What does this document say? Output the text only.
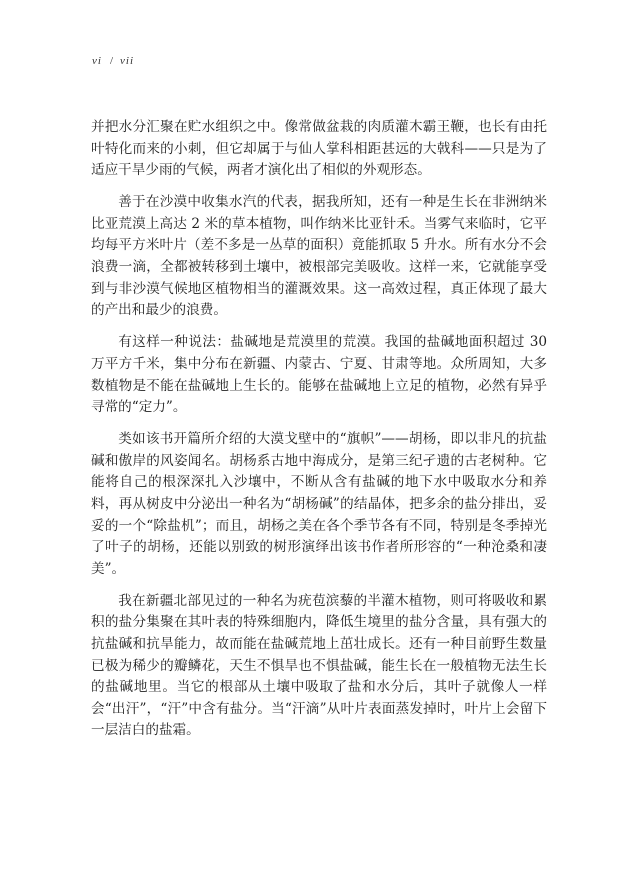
vi / vii

并把水分汇聚在贮水组织之中。像常做盆栽的肉质灌木霸王鞭，也长有由托叶特化而来的小刺，但它却属于与仙人掌科相距甚远的大戟科——只是为了适应干旱少雨的气候，两者才演化出了相似的外观形态。

善于在沙漠中收集水汽的代表，据我所知，还有一种是生长在非洲纳米比亚荒漠上高达 2 米的草本植物，叫作纳米比亚针禾。当雾气来临时，它平均每平方米叶片（差不多是一丛草的面积）竟能抓取 5 升水。所有水分不会浪费一滴，全都被转移到土壤中，被根部完美吸收。这样一来，它就能享受到与非沙漠气候地区植物相当的灌溉效果。这一高效过程，真正体现了最大的产出和最少的浪费。

有这样一种说法：盐碱地是荒漠里的荒漠。我国的盐碱地面积超过 30 万平方千米，集中分布在新疆、内蒙古、宁夏、甘肃等地。众所周知，大多数植物是不能在盐碱地上生长的。能够在盐碱地上立足的植物，必然有异乎寻常的“定力”。

类如该书开篇所介绍的大漠戈壁中的“旗帜”——胡杨，即以非凡的抗盐碱和傲岸的风姿闻名。胡杨系古地中海成分，是第三纪孑遗的古老树种。它能将自己的根深深扎入沙壤中，不断从含有盐碱的地下水中吸取水分和养料，再从树皮中分泌出一种名为“胡杨碱”的结晶体，把多余的盐分排出，妥妥的一个“除盐机”；而且，胡杨之美在各个季节各有不同，特别是冬季掉光了叶子的胡杨，还能以别致的树形演绎出该书作者所形容的“一种沧桑和凄美”。

我在新疆北部见过的一种名为疣苞滨藜的半灌木植物，则可将吸收和累积的盐分集聚在其叶表的特殊细胞内，降低生境里的盐分含量，具有强大的抗盐碱和抗旱能力，故而能在盐碱荒地上茁壮成长。还有一种目前野生数量已极为稀少的瓣鳞花，天生不惧旱也不惧盐碱，能生长在一般植物无法生长的盐碱地里。当它的根部从土壤中吸取了盐和水分后，其叶子就像人一样会“出汗”，“汗”中含有盐分。当“汗滴”从叶片表面蒸发掉时，叶片上会留下一层洁白的盐霜。
